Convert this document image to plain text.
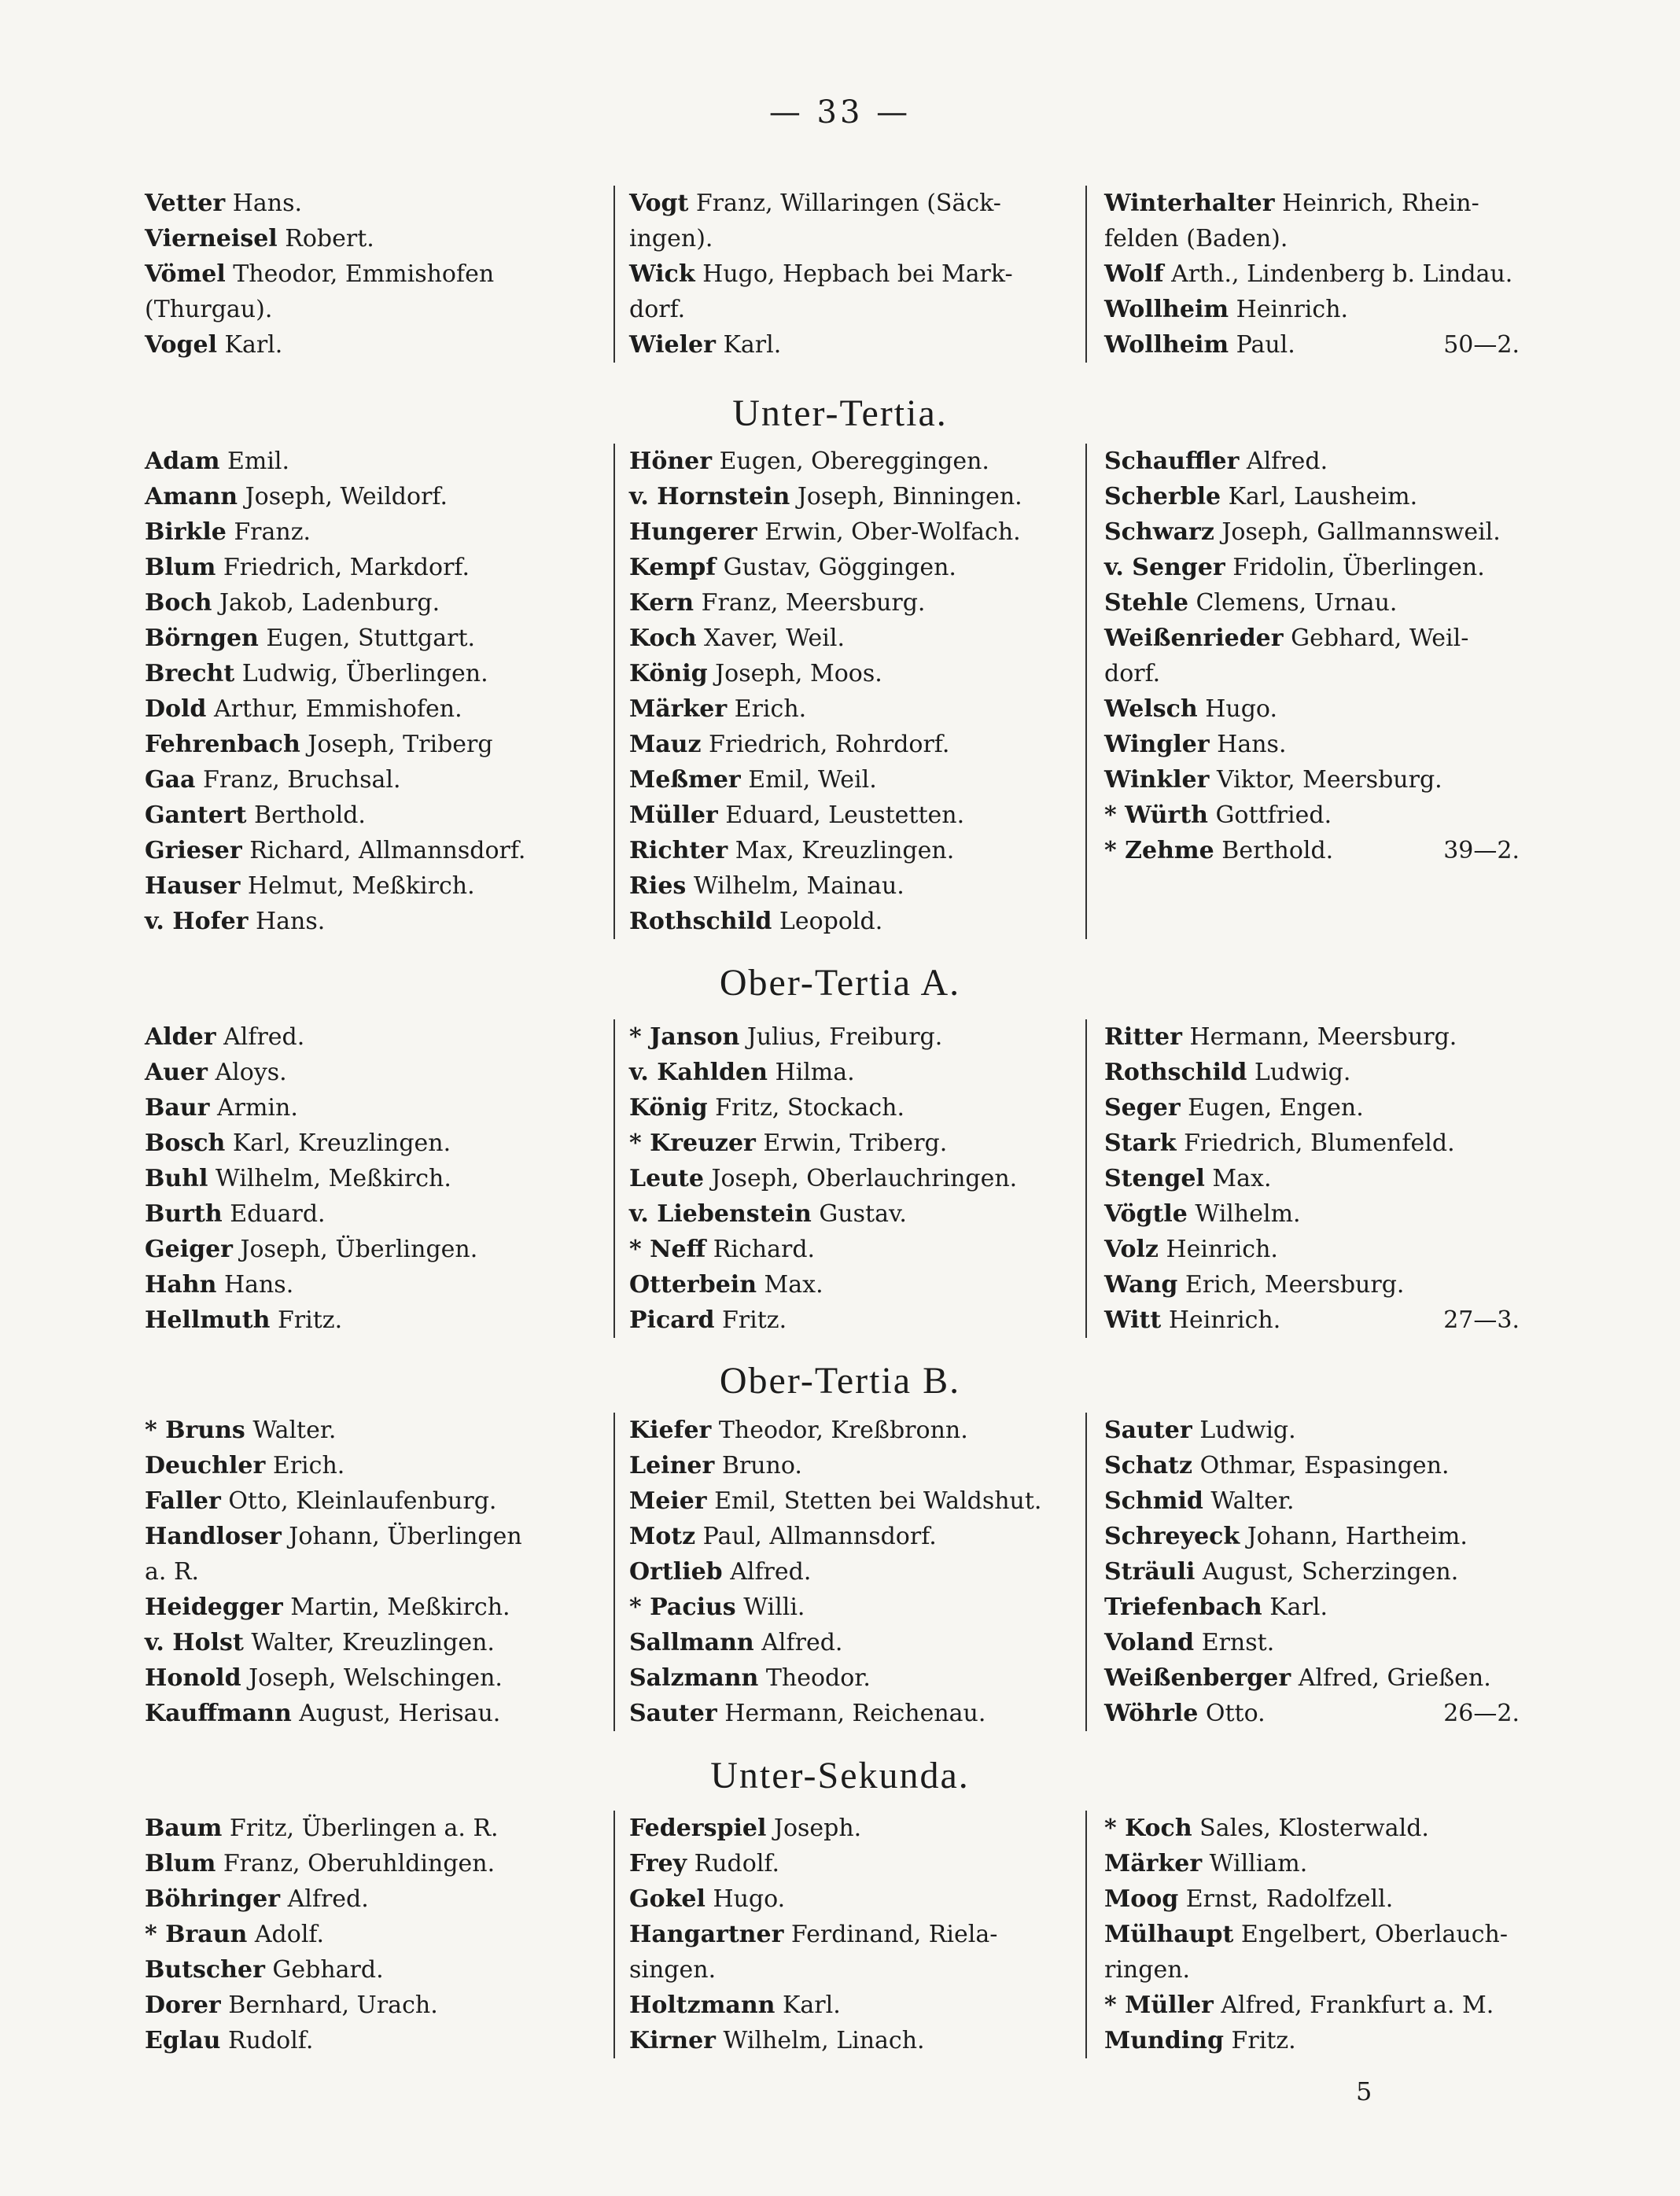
— 33 —
Vetter Hans.
Vierneisel Robert.
Vömel Theodor, Emmishofen
(Thurgau).
Vogel Karl.
Vogt Franz, Willaringen (Säck-
ingen).
Wick Hugo, Hepbach bei Mark-
dorf.
Wieler Karl.
Winterhalter Heinrich, Rhein-
felden (Baden).
Wolf Arth., Lindenberg b. Lindau.
Wollheim Heinrich.
50—2.
Wollheim Paul.
Unter-Tertia.
Adam Emil.
Amann Joseph, Weildorf.
Birkle Franz.
Blum Friedrich, Markdorf.
Boch Jakob, Ladenburg.
Börngen Eugen, Stuttgart.
Brecht Ludwig, Überlingen.
Dold Arthur, Emmishofen.
Fehrenbach Joseph, Triberg
Gaa Franz, Bruchsal.
Gantert Berthold.
Grieser Richard, Allmannsdorf.
Hauser Helmut, Meßkirch.
v. Hofer Hans.
Höner Eugen, Obereggingen.
v. Hornstein Joseph, Binningen.
Hungerer Erwin, Ober-Wolfach.
Kempf Gustav, Göggingen.
Kern Franz, Meersburg.
Koch Xaver, Weil.
König Joseph, Moos.
Märker Erich.
Mauz Friedrich, Rohrdorf.
Meßmer Emil, Weil.
Müller Eduard, Leustetten.
Richter Max, Kreuzlingen.
Ries Wilhelm, Mainau.
Rothschild Leopold.
Schauffler Alfred.
Scherble Karl, Lausheim.
Schwarz Joseph, Gallmannsweil.
v. Senger Fridolin, Überlingen.
Stehle Clemens, Urnau.
Weißenrieder Gebhard, Weil-
dorf.
Welsch Hugo.
Wingler Hans.
Winkler Viktor, Meersburg.
* Würth Gottfried.
39—2.
* Zehme Berthold.
Ober-Tertia A.
Alder Alfred.
Auer Aloys.
Baur Armin.
Bosch Karl, Kreuzlingen.
Buhl Wilhelm, Meßkirch.
Burth Eduard.
Geiger Joseph, Überlingen.
Hahn Hans.
Hellmuth Fritz.
* Janson Julius, Freiburg.
v. Kahlden Hilma.
König Fritz, Stockach.
* Kreuzer Erwin, Triberg.
Leute Joseph, Oberlauchringen.
v. Liebenstein Gustav.
* Neff Richard.
Otterbein Max.
Picard Fritz.
Ritter Hermann, Meersburg.
Rothschild Ludwig.
Seger Eugen, Engen.
Stark Friedrich, Blumenfeld.
Stengel Max.
Vögtle Wilhelm.
Volz Heinrich.
Wang Erich, Meersburg.
27—3.
Witt Heinrich.
Ober-Tertia B.
* Bruns Walter.
Deuchler Erich.
Faller Otto, Kleinlaufenburg.
Handloser Johann, Überlingen
a. R.
Heidegger Martin, Meßkirch.
v. Holst Walter, Kreuzlingen.
Honold Joseph, Welschingen.
Kauffmann August, Herisau.
Kiefer Theodor, Kreßbronn.
Leiner Bruno.
Meier Emil, Stetten bei Waldshut.
Motz Paul, Allmannsdorf.
Ortlieb Alfred.
* Pacius Willi.
Sallmann Alfred.
Salzmann Theodor.
Sauter Hermann, Reichenau.
Sauter Ludwig.
Schatz Othmar, Espasingen.
Schmid Walter.
Schreyeck Johann, Hartheim.
Sträuli August, Scherzingen.
Triefenbach Karl.
Voland Ernst.
Weißenberger Alfred, Grießen.
26—2.
Wöhrle Otto.
Unter-Sekunda.
Baum Fritz, Überlingen a. R.
Blum Franz, Oberuhldingen.
Böhringer Alfred.
* Braun Adolf.
Butscher Gebhard.
Dorer Bernhard, Urach.
Eglau Rudolf.
Federspiel Joseph.
Frey Rudolf.
Gokel Hugo.
Hangartner Ferdinand, Riela-
singen.
Holtzmann Karl.
Kirner Wilhelm, Linach.
* Koch Sales, Klosterwald.
Märker William.
Moog Ernst, Radolfzell.
Mülhaupt Engelbert, Oberlauch-
ringen.
* Müller Alfred, Frankfurt a. M.
Munding Fritz.
5
